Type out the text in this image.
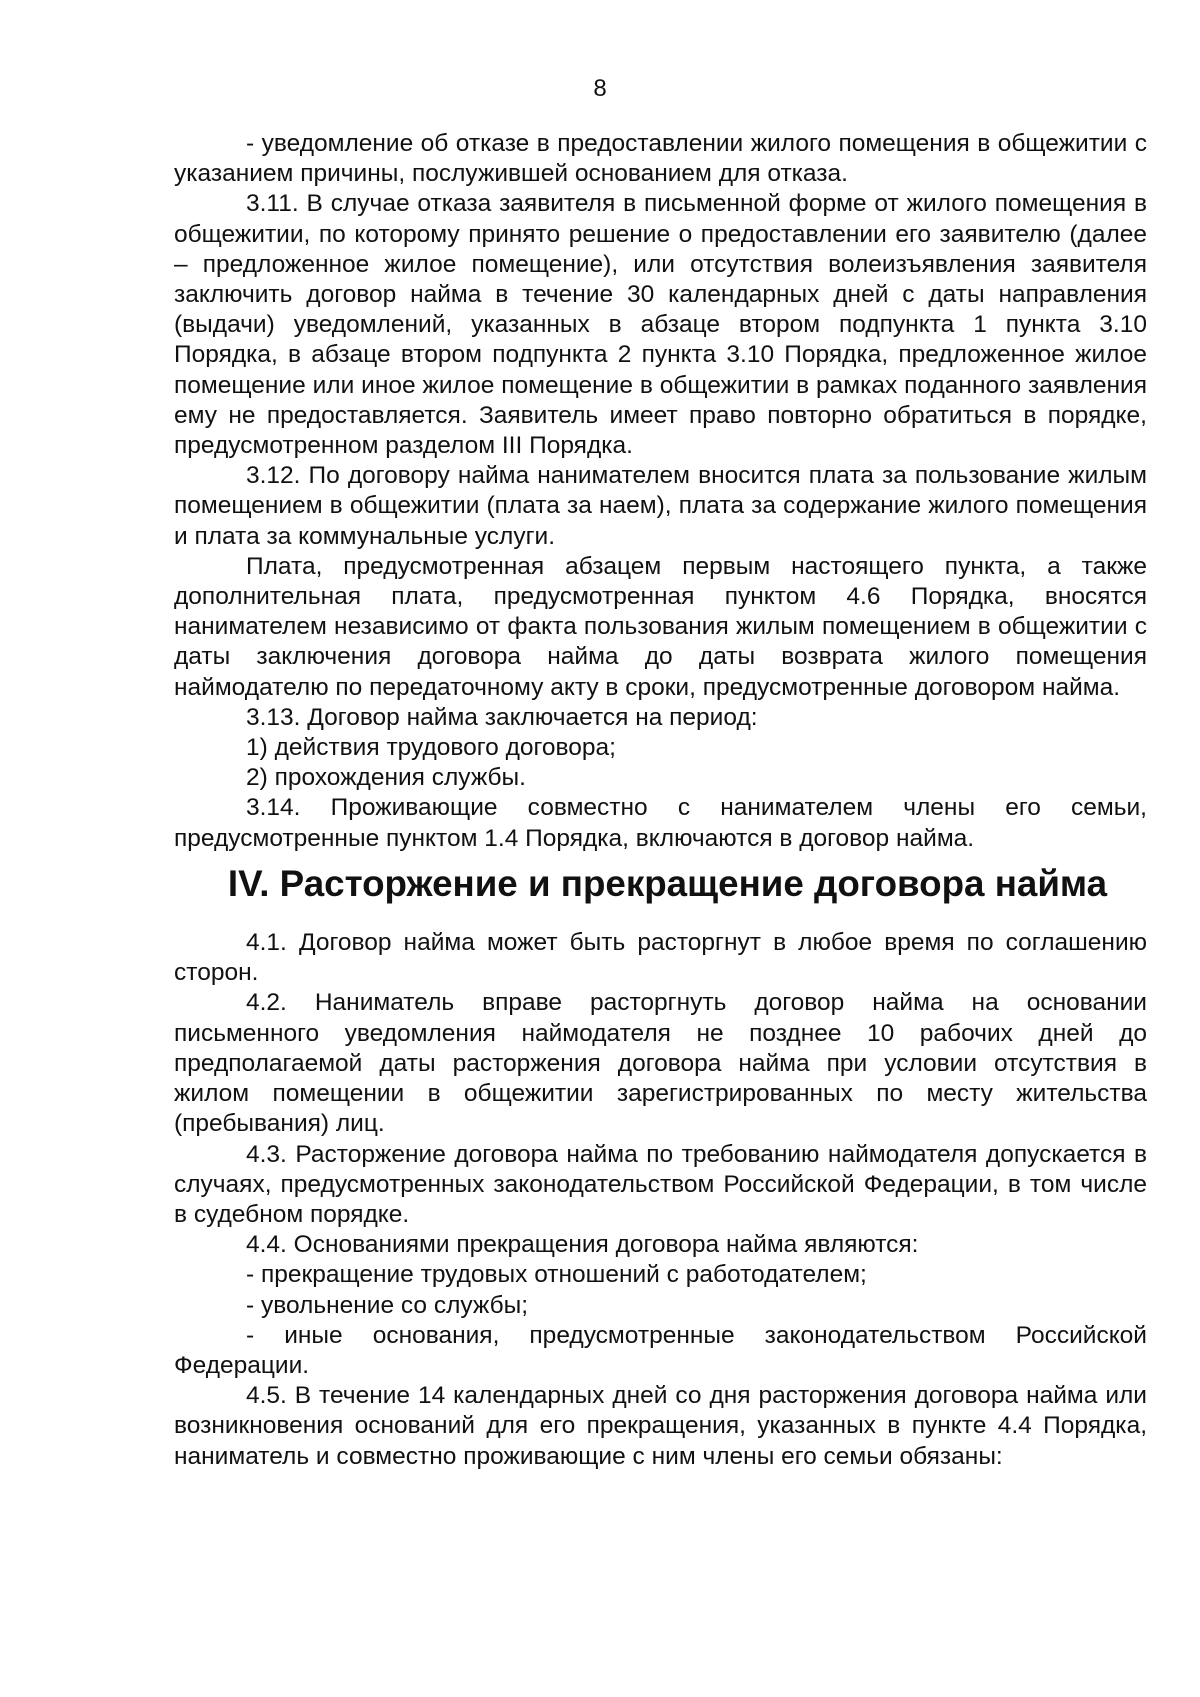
8

- уведомление об отказе в предоставлении жилого помещения в общежитии с указанием причины, послужившей основанием для отказа.

3.11. В случае отказа заявителя в письменной форме от жилого помещения в общежитии, по которому принято решение о предоставлении его заявителю (далее – предложенное жилое помещение), или отсутствия волеизъявления заявителя заключить договор найма в течение 30 календарных дней с даты направления (выдачи) уведомлений, указанных в абзаце втором подпункта 1 пункта 3.10 Порядка, в абзаце втором подпункта 2 пункта 3.10 Порядка, предложенное жилое помещение или иное жилое помещение в общежитии в рамках поданного заявления ему не предоставляется. Заявитель имеет право повторно обратиться в порядке, предусмотренном разделом III Порядка.

3.12. По договору найма нанимателем вносится плата за пользование жилым помещением в общежитии (плата за наем), плата за содержание жилого помещения и плата за коммунальные услуги.

Плата, предусмотренная абзацем первым настоящего пункта, а также дополнительная плата, предусмотренная пунктом 4.6 Порядка, вносятся нанимателем независимо от факта пользования жилым помещением в общежитии с даты заключения договора найма до даты возврата жилого помещения наймодателю по передаточному акту в сроки, предусмотренные договором найма.

3.13. Договор найма заключается на период:

1) действия трудового договора;

2) прохождения службы.

3.14. Проживающие совместно с нанимателем члены его семьи, предусмотренные пунктом 1.4 Порядка, включаются в договор найма.

IV. Расторжение и прекращение договора найма

4.1. Договор найма может быть расторгнут в любое время по соглашению сторон.

4.2. Наниматель вправе расторгнуть договор найма на основании письменного уведомления наймодателя не позднее 10 рабочих дней до предполагаемой даты расторжения договора найма при условии отсутствия в жилом помещении в общежитии зарегистрированных по месту жительства (пребывания) лиц.

4.3. Расторжение договора найма по требованию наймодателя допускается в случаях, предусмотренных законодательством Российской Федерации, в том числе в судебном порядке.

4.4. Основаниями прекращения договора найма являются:

- прекращение трудовых отношений с работодателем;

- увольнение со службы;

- иные основания, предусмотренные законодательством Российской Федерации.

4.5. В течение 14 календарных дней со дня расторжения договора найма или возникновения оснований для его прекращения, указанных в пункте 4.4 Порядка, наниматель и совместно проживающие с ним члены его семьи обязаны:
